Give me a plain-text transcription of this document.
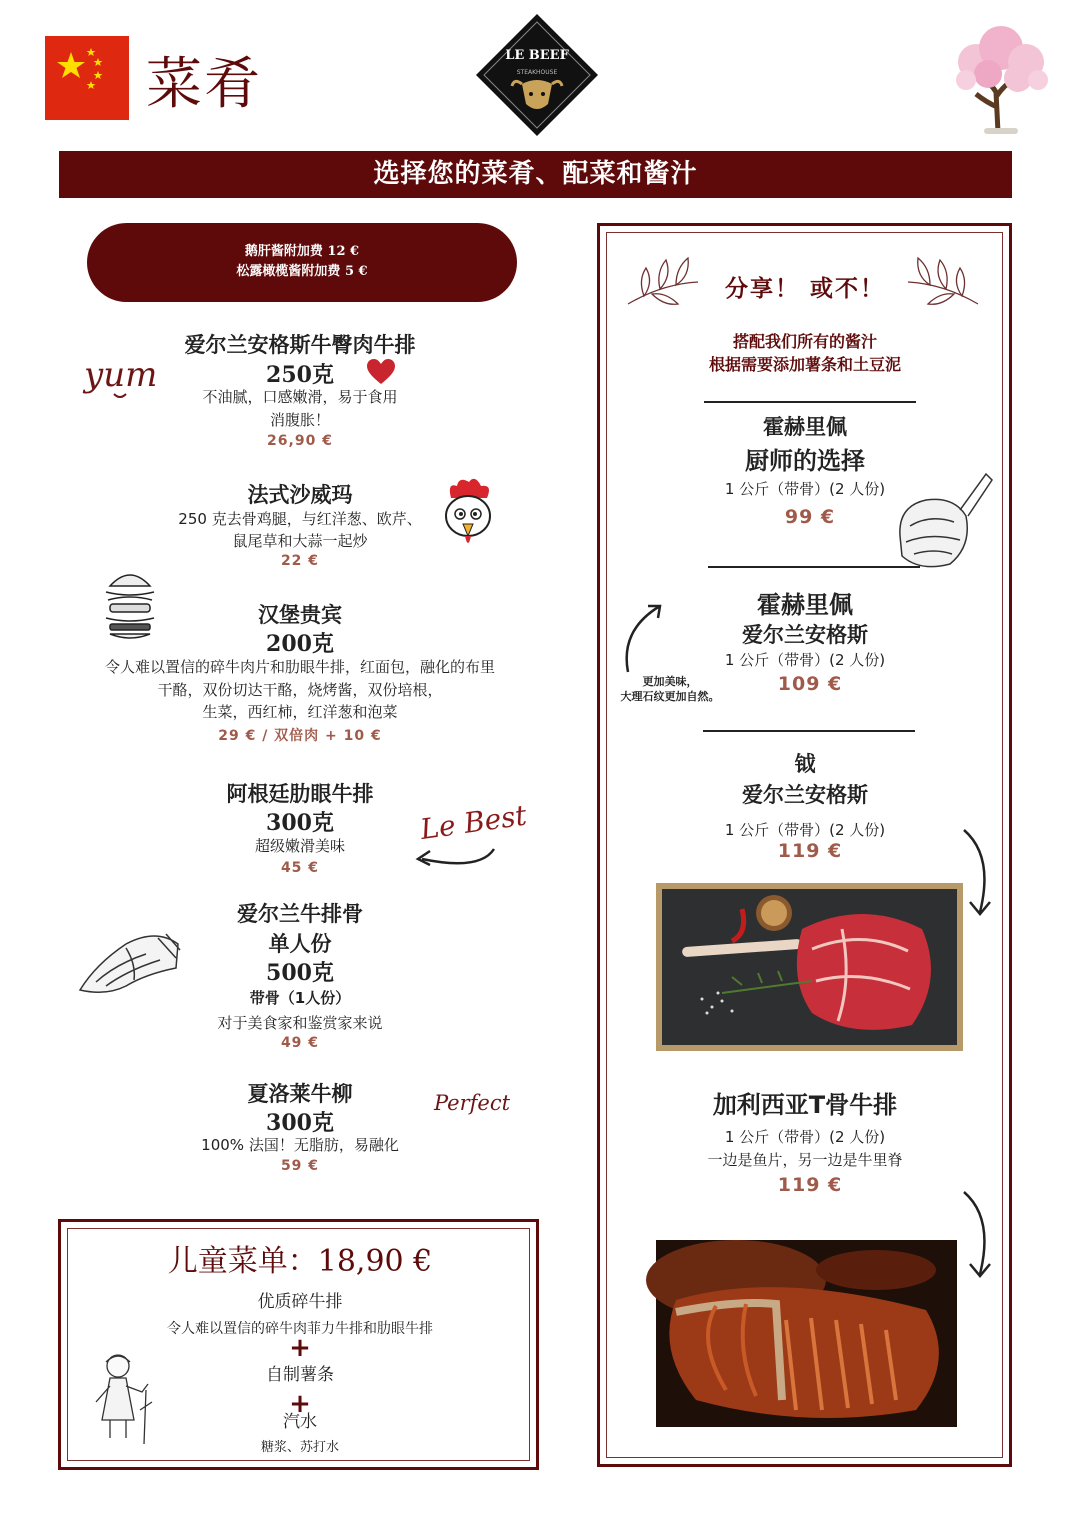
菜肴	LE BEEF
STEAKHOUSE
选择您的菜肴、配菜和酱汁
鹅肝酱附加费 12 €
松露橄榄酱附加费 5 €
爱尔兰安格斯牛臀肉牛排
250克
不油腻，口感嫩滑，易于食用
消腹胀！
26,90 €
yum
法式沙威玛
250 克去骨鸡腿，与红洋葱、欧芹、
鼠尾草和大蒜一起炒
22 €
汉堡贵宾
200克
令人难以置信的碎牛肉片和肋眼牛排，红面包，融化的布里
干酪，双份切达干酪，烧烤酱，双份培根，
生菜，西红柿，红洋葱和泡菜
29 € / 双倍肉 + 10 €
阿根廷肋眼牛排
300克
超级嫩滑美味
45 €
Le Best
爱尔兰牛排骨
单人份
500克
带骨（1人份）
对于美食家和鉴赏家来说
49 €
夏洛莱牛柳
300克
100% 法国！无脂肪，易融化
59 €
Perfect
儿童菜单：18,90 €
优质碎牛排
令人难以置信的碎牛肉菲力牛排和肋眼牛排
+
自制薯条
+
汽水
糖浆、苏打水
分享！ 或不！
搭配我们所有的酱汁
根据需要添加薯条和土豆泥
霍赫里佩
厨师的选择
1 公斤（带骨）(2 人份)
99 €
霍赫里佩
爱尔兰安格斯
1 公斤（带骨）(2 人份)
109 €
更加美味，
大理石纹更加自然。
钺
爱尔兰安格斯
1 公斤（带骨）(2 人份)
119 €
加利西亚T骨牛排
1 公斤（带骨）(2 人份)
一边是鱼片，另一边是牛里脊
119 €
